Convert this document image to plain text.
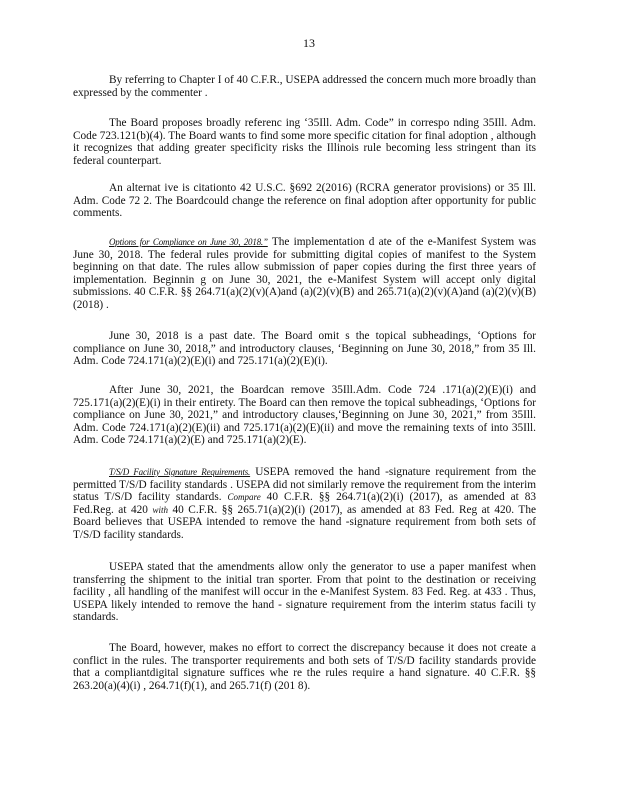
13

By referring to Chapter I of 40 C.F.R., USEPA addressed the concern much more broadly than expressed by the commenter .

The Board proposes broadly referenc ing ‘35Ill. Adm. Code” in correspo nding 35Ill. Adm. Code 723.121(b)(4). The Board wants to find some more specific citation for final adoption , although it recognizes that adding greater specificity risks the Illinois rule becoming less stringent than its federal counterpart.

An alternat ive is citationto 42 U.S.C. §692 2(2016) (RCRA generator provisions) or 35 Ill. Adm. Code 72 2. The Boardcould change the reference on final adoption after opportunity for public comments.

Options for Compliance on June 30, 2018.” The implementation d ate of the e-Manifest System was June 30, 2018. The federal rules provide for submitting digital copies of manifest to the System beginning on that date. The rules allow submission of paper copies during the first three years of implementation. Beginnin g on June 30, 2021, the e-Manifest System will accept only digital submissions. 40 C.F.R. §§ 264.71(a)(2)(v)(A)and (a)(2)(v)(B) and 265.71(a)(2)(v)(A)and (a)(2)(v)(B) (2018) .

June 30, 2018 is a past date. The Board omit s the topical subheadings, ‘Options for compliance on June 30, 2018,” and introductory clauses, ‘Beginning on June 30, 2018,” from 35 Ill. Adm. Code 724.171(a)(2)(E)(i) and 725.171(a)(2)(E)(i).

After June 30, 2021, the Boardcan remove 35Ill.Adm. Code 724 .171(a)(2)(E)(i) and 725.171(a)(2)(E)(i) in their entirety. The Board can then remove the topical subheadings, ‘Options for compliance on June 30, 2021,” and introductory clauses,‘Beginning on June 30, 2021,” from 35Ill. Adm. Code 724.171(a)(2)(E)(ii) and 725.171(a)(2)(E)(ii) and move the remaining texts of into 35Ill. Adm. Code 724.171(a)(2)(E) and 725.171(a)(2)(E).

T/S/D Facility Signature Requirements. USEPA removed the hand -signature requirement from the permitted T/S/D facility standards . USEPA did not similarly remove the requirement from the interim status T/S/D facility standards. Compare 40 C.F.R. §§ 264.71(a)(2)(i) (2017), as amended at 83 Fed.Reg. at 420 with 40 C.F.R. §§ 265.71(a)(2)(i) (2017), as amended at 83 Fed. Reg at 420. The Board believes that USEPA intended to remove the hand -signature requirement from both sets of T/S/D facility standards.

USEPA stated that the amendments allow only the generator to use a paper manifest when transferring the shipment to the initial tran sporter. From that point to the destination or receiving facility , all handling of the manifest will occur in the e-Manifest System. 83 Fed. Reg. at 433 . Thus, USEPA likely intended to remove the hand - signature requirement from the interim status facili ty standards.

The Board, however, makes no effort to correct the discrepancy because it does not create a conflict in the rules. The transporter requirements and both sets of T/S/D facility standards provide that a compliantdigital signature suffices whe re the rules require a hand signature. 40 C.F.R. §§ 263.20(a)(4)(i) , 264.71(f)(1), and 265.71(f) (201 8).
